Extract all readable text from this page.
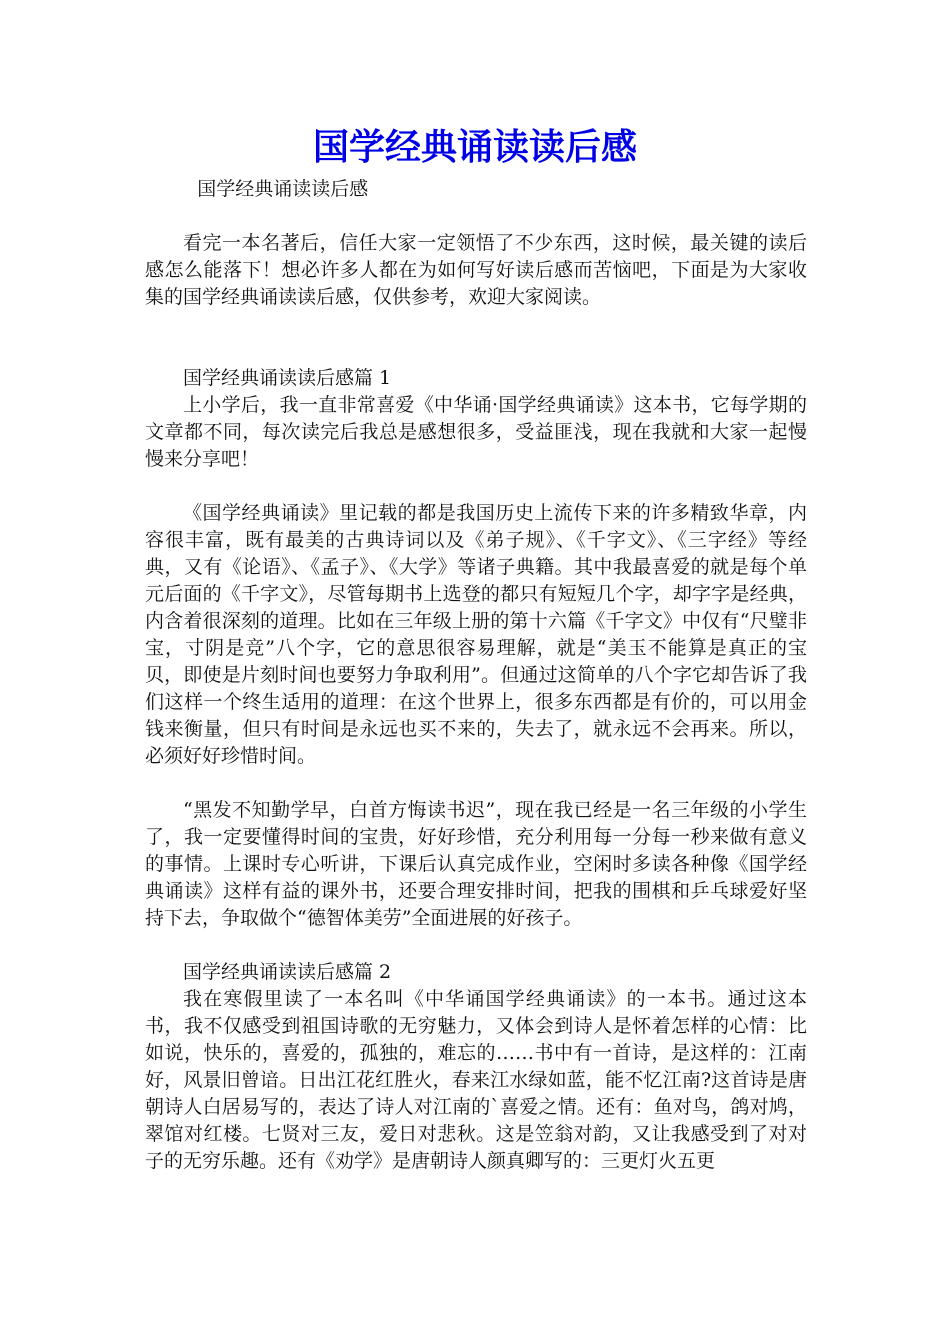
国学经典诵读读后感

国学经典诵读读后感

看完一本名著后，信任大家一定领悟了不少东西，这时候，最关键的读后感怎么能落下！想必许多人都在为如何写好读后感而苦恼吧，下面是为大家收集的国学经典诵读读后感，仅供参考，欢迎大家阅读。

国学经典诵读读后感篇 1

上小学后，我一直非常喜爱《中华诵·国学经典诵读》这本书，它每学期的文章都不同，每次读完后我总是感想很多，受益匪浅，现在我就和大家一起慢慢来分享吧！

《国学经典诵读》里记载的都是我国历史上流传下来的许多精致华章，内容很丰富，既有最美的古典诗词以及《弟子规》、《千字文》、《三字经》等经典，又有《论语》、《孟子》、《大学》等诸子典籍。其中我最喜爱的就是每个单元后面的《千字文》，尽管每期书上选登的都只有短短几个字，却字字是经典，内含着很深刻的道理。比如在三年级上册的第十六篇《千字文》中仅有“尺璧非宝，寸阴是竞”八个字，它的意思很容易理解，就是“美玉不能算是真正的宝贝，即使是片刻时间也要努力争取利用”。但通过这简单的八个字它却告诉了我们这样一个终生适用的道理：在这个世界上，很多东西都是有价的，可以用金钱来衡量，但只有时间是永远也买不来的，失去了，就永远不会再来。所以，必须好好珍惜时间。

“黑发不知勤学早，白首方悔读书迟”，现在我已经是一名三年级的小学生了，我一定要懂得时间的宝贵，好好珍惜，充分利用每一分每一秒来做有意义的事情。上课时专心听讲，下课后认真完成作业，空闲时多读各种像《国学经典诵读》这样有益的课外书，还要合理安排时间，把我的围棋和乒乓球爱好坚持下去，争取做个“德智体美劳”全面进展的好孩子。

国学经典诵读读后感篇 2

我在寒假里读了一本名叫《中华诵国学经典诵读》的一本书。通过这本书，我不仅感受到祖国诗歌的无穷魅力，又体会到诗人是怀着怎样的心情：比如说，快乐的，喜爱的，孤独的，难忘的……书中有一首诗，是这样的：江南好，风景旧曾谙。日出江花红胜火，春来江水绿如蓝，能不忆江南?这首诗是唐朝诗人白居易写的，表达了诗人对江南的`喜爱之情。还有：鱼对鸟，鸽对鸠，翠馆对红楼。七贤对三友，爱日对悲秋。这是笠翁对韵，又让我感受到了对对子的无穷乐趣。还有《劝学》是唐朝诗人颜真卿写的：三更灯火五更
